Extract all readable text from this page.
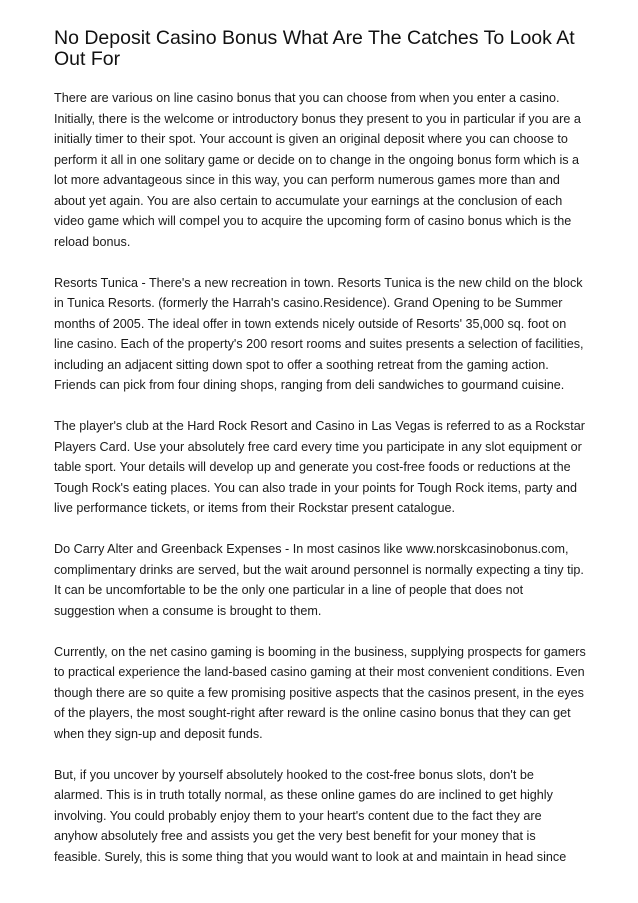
No Deposit Casino Bonus What Are The Catches To Look At Out For

There are various on line casino bonus that you can choose from when you enter a casino. Initially, there is the welcome or introductory bonus they present to you in particular if you are a initially timer to their spot. Your account is given an original deposit where you can choose to perform it all in one solitary game or decide on to change in the ongoing bonus form which is a lot more advantageous since in this way, you can perform numerous games more than and about yet again. You are also certain to accumulate your earnings at the conclusion of each video game which will compel you to acquire the upcoming form of casino bonus which is the reload bonus.

Resorts Tunica - There's a new recreation in town. Resorts Tunica is the new child on the block in Tunica Resorts. (formerly the Harrah's casino.Residence). Grand Opening to be Summer months of 2005. The ideal offer in town extends nicely outside of Resorts' 35,000 sq. foot on line casino. Each of the property's 200 resort rooms and suites presents a selection of facilities, including an adjacent sitting down spot to offer a soothing retreat from the gaming action. Friends can pick from four dining shops, ranging from deli sandwiches to gourmand cuisine.

The player's club at the Hard Rock Resort and Casino in Las Vegas is referred to as a Rockstar Players Card. Use your absolutely free card every time you participate in any slot equipment or table sport. Your details will develop up and generate you cost-free foods or reductions at the Tough Rock's eating places. You can also trade in your points for Tough Rock items, party and live performance tickets, or items from their Rockstar present catalogue.

Do Carry Alter and Greenback Expenses - In most casinos like www.norskcasinobonus.com, complimentary drinks are served, but the wait around personnel is normally expecting a tiny tip. It can be uncomfortable to be the only one particular in a line of people that does not suggestion when a consume is brought to them.

Currently, on the net casino gaming is booming in the business, supplying prospects for gamers to practical experience the land-based casino gaming at their most convenient conditions. Even though there are so quite a few promising positive aspects that the casinos present, in the eyes of the players, the most sought-right after reward is the online casino bonus that they can get when they sign-up and deposit funds.

But, if you uncover by yourself absolutely hooked to the cost-free bonus slots, don't be alarmed. This is in truth totally normal, as these online games do are inclined to get highly involving. You could probably enjoy them to your heart's content due to the fact they are anyhow absolutely free and assists you get the very best benefit for your money that is feasible. Surely, this is some thing that you would want to look at and maintain in head since
